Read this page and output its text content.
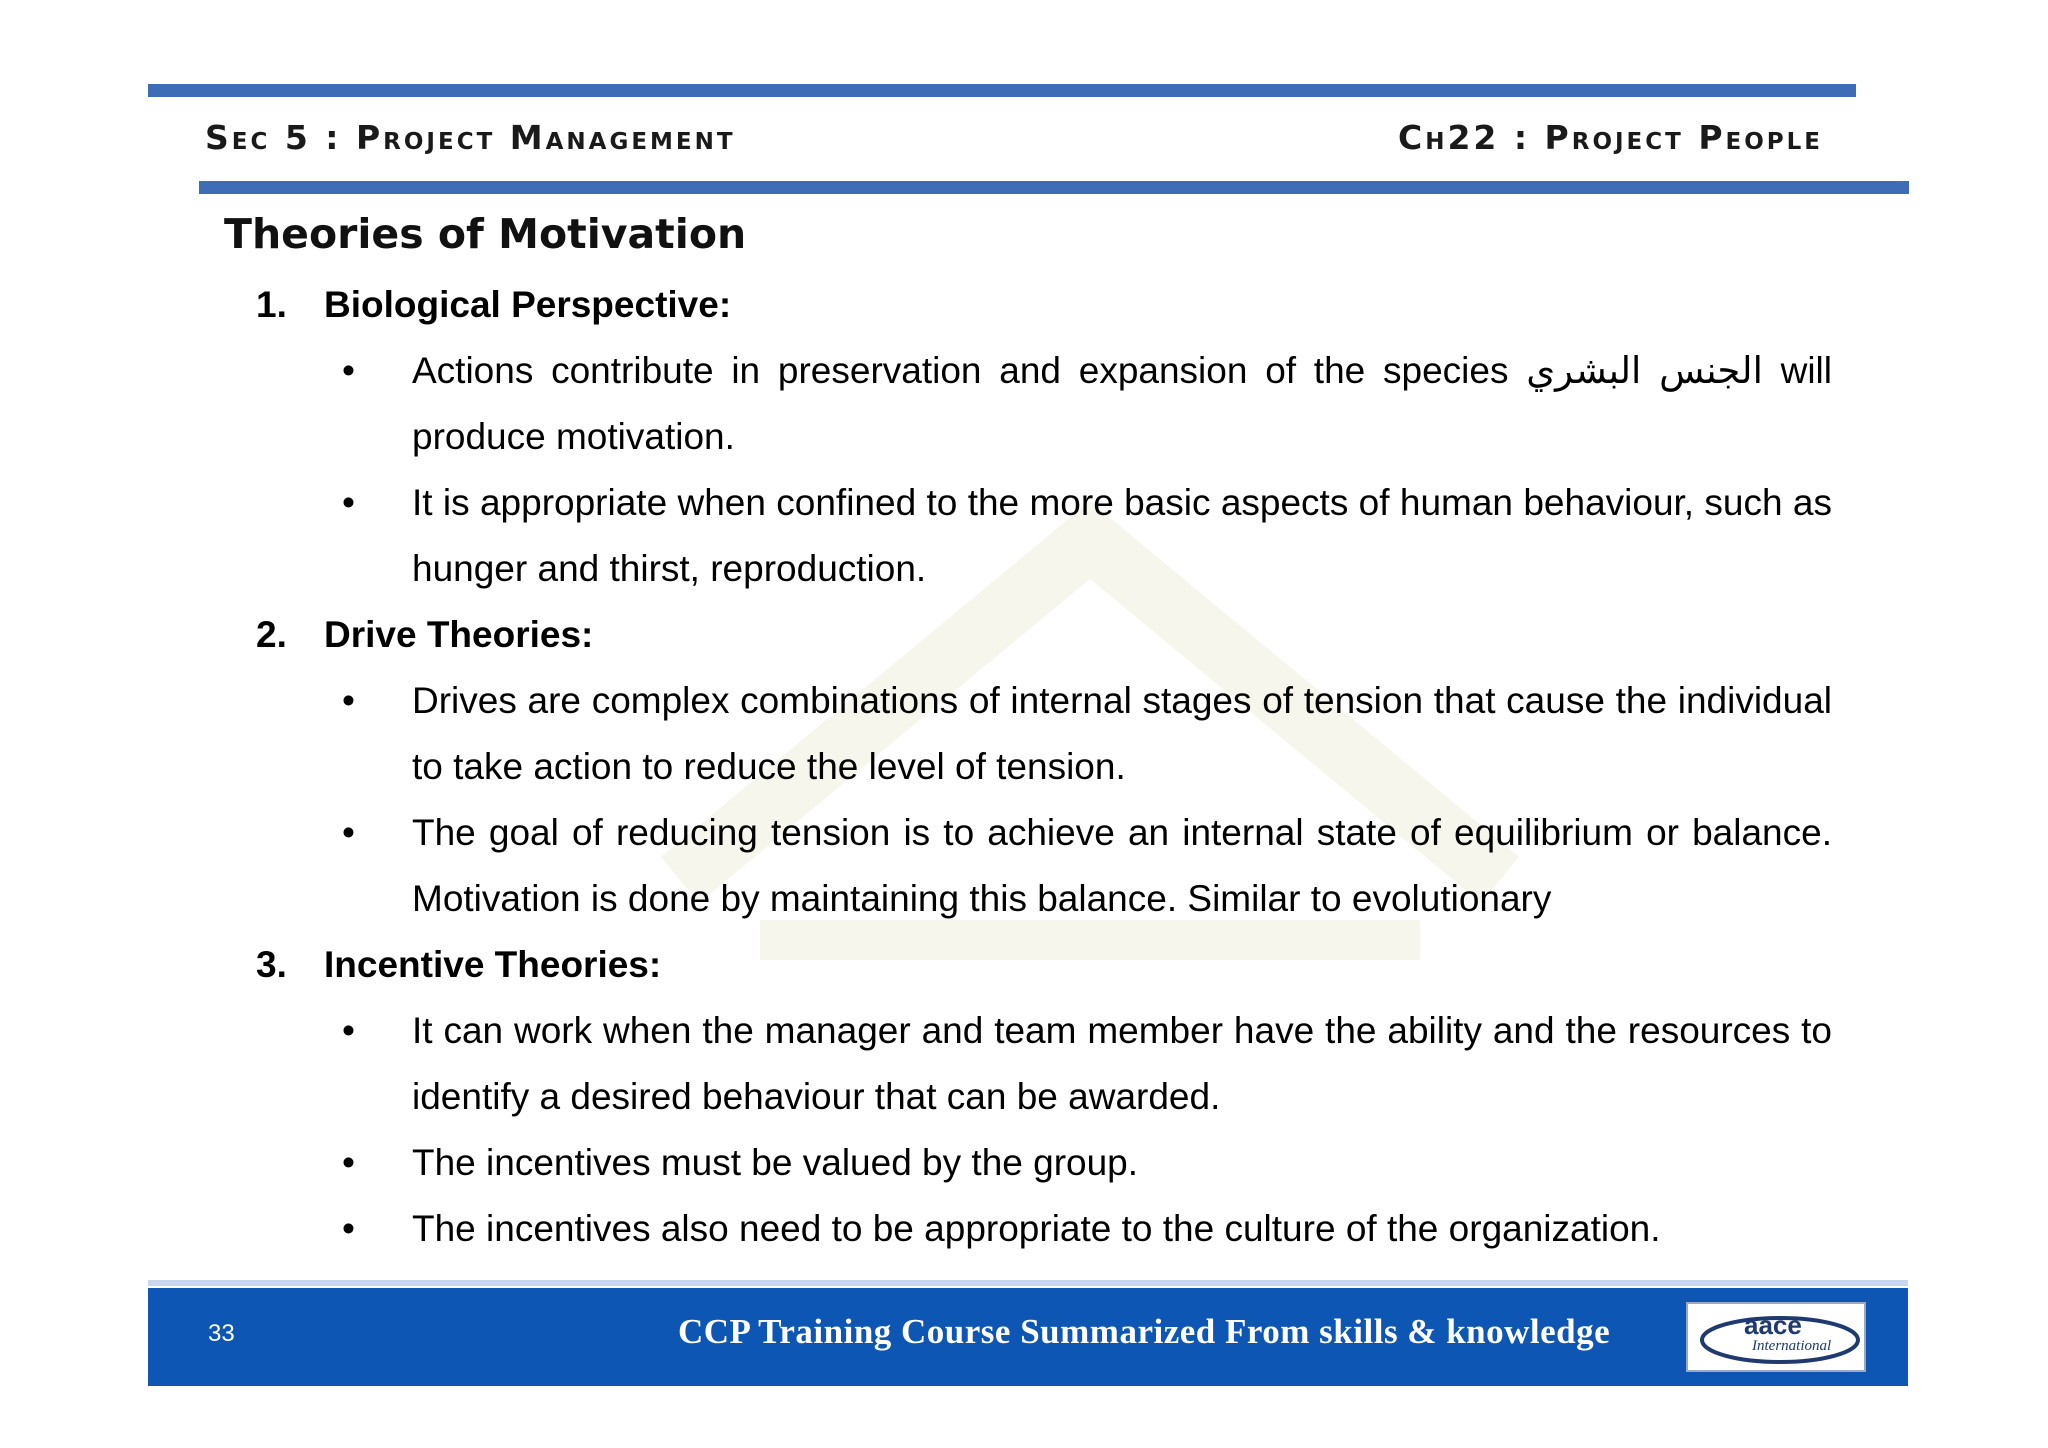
Sec 5 : Project Management	Ch22 : Project People
Theories of Motivation
1. Biological Perspective:
• Actions contribute in preservation and expansion of the species الجنس البشري will produce motivation.
• It is appropriate when confined to the more basic aspects of human behaviour, such as hunger and thirst, reproduction.
2. Drive Theories:
• Drives are complex combinations of internal stages of tension that cause the individual to take action to reduce the level of tension.
• The goal of reducing tension is to achieve an internal state of equilibrium or balance. Motivation is done by maintaining this balance. Similar to evolutionary
3. Incentive Theories:
• It can work when the manager and team member have the ability and the resources to identify a desired behaviour that can be awarded.
• The incentives must be valued by the group.
• The incentives also need to be appropriate to the culture of the organization.
33	CCP Training Course Summarized From skills & knowledge	aace
International
